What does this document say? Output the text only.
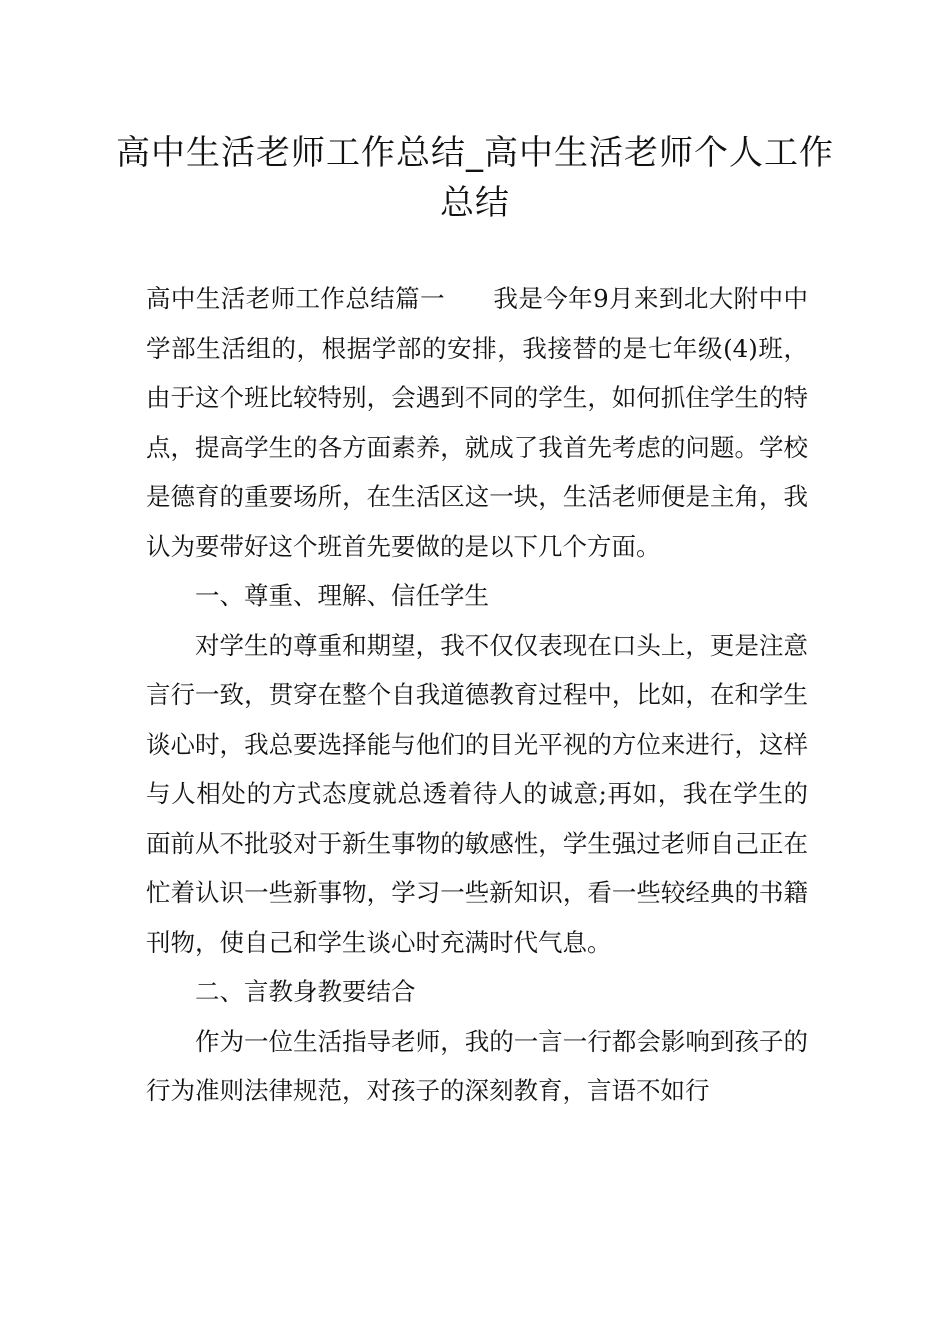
高中生活老师工作总结_高中生活老师个人工作总结

高中生活老师工作总结篇一 我是今年9月来到北大附中中学部生活组的，根据学部的安排，我接替的是七年级(4)班，由于这个班比较特别，会遇到不同的学生，如何抓住学生的特点，提高学生的各方面素养，就成了我首先考虑的问题。学校是德育的重要场所，在生活区这一块，生活老师便是主角，我认为要带好这个班首先要做的是以下几个方面。

一、尊重、理解、信任学生

对学生的尊重和期望，我不仅仅表现在口头上，更是注意言行一致，贯穿在整个自我道德教育过程中，比如，在和学生谈心时，我总要选择能与他们的目光平视的方位来进行，这样与人相处的方式态度就总透着待人的诚意;再如，我在学生的面前从不批驳对于新生事物的敏感性，学生强过老师自己正在忙着认识一些新事物，学习一些新知识，看一些较经典的书籍刊物，使自己和学生谈心时充满时代气息。

二、言教身教要结合

作为一位生活指导老师，我的一言一行都会影响到孩子的行为准则法律规范，对孩子的深刻教育，言语不如行
